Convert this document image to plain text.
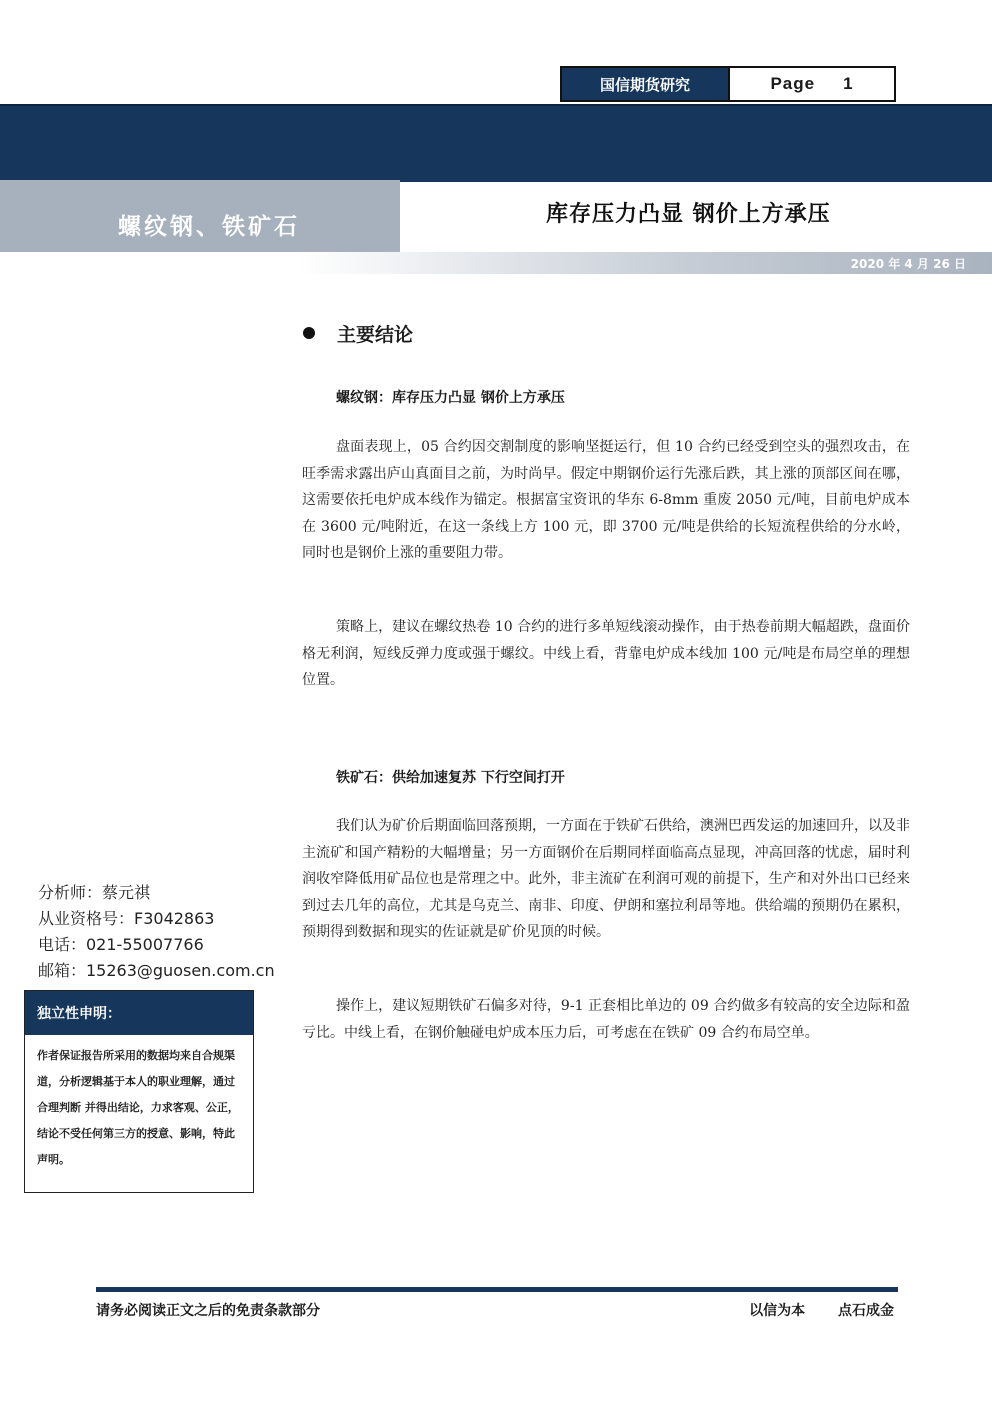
国信期货研究	Page 1
国信期货黑色金属月报
螺纹钢、铁矿石	库存压力凸显 钢价上方承压
2020 年 4 月 26 日
主要结论
螺纹钢：库存压力凸显 钢价上方承压
盘面表现上，05 合约因交割制度的影响坚挺运行，但 10 合约已经受到空头的强烈攻击，在旺季需求露出庐山真面目之前，为时尚早。假定中期钢价运行先涨后跌，其上涨的顶部区间在哪，这需要依托电炉成本线作为锚定。根据富宝资讯的华东 6-8mm 重废 2050 元/吨，目前电炉成本在 3600 元/吨附近，在这一条线上方 100 元，即 3700 元/吨是供给的长短流程供给的分水岭，同时也是钢价上涨的重要阻力带。
策略上，建议在螺纹热卷 10 合约的进行多单短线滚动操作，由于热卷前期大幅超跌，盘面价格无利润，短线反弹力度或强于螺纹。中线上看，背靠电炉成本线加 100 元/吨是布局空单的理想位置。
铁矿石：供给加速复苏 下行空间打开
我们认为矿价后期面临回落预期，一方面在于铁矿石供给，澳洲巴西发运的加速回升，以及非主流矿和国产精粉的大幅增量；另一方面钢价在后期同样面临高点显现，冲高回落的忧虑，届时利润收窄降低用矿品位也是常理之中。此外，非主流矿在利润可观的前提下，生产和对外出口已经来到过去几年的高位，尤其是乌克兰、南非、印度、伊朗和塞拉利昂等地。供给端的预期仍在累积，预期得到数据和现实的佐证就是矿价见顶的时候。
操作上，建议短期铁矿石偏多对待，9-1 正套相比单边的 09 合约做多有较高的安全边际和盈亏比。中线上看，在钢价触碰电炉成本压力后，可考虑在在铁矿 09 合约布局空单。
分析师：蔡元祺
从业资格号：F3042863
电话：021-55007766
邮箱：15263@guosen.com.cn
独立性申明：
作者保证报告所采用的数据均来自合规渠道，分析逻辑基于本人的职业理解，通过合理判断 并得出结论，力求客观、公正，结论不受任何第三方的授意、影响，特此声明。
请务必阅读正文之后的免责条款部分	以信为本 点石成金
